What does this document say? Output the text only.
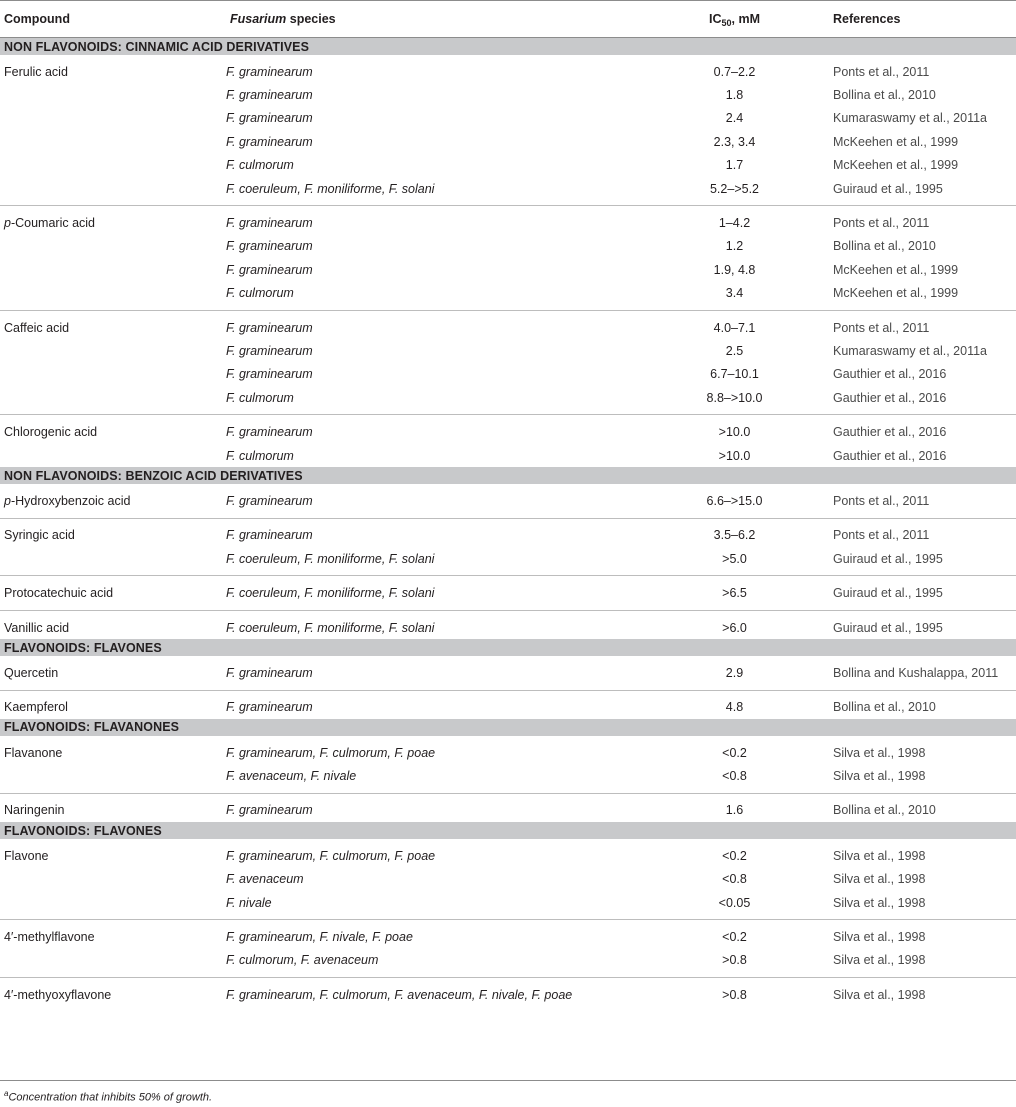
Compound	Fusarium species	$IC_{50}$, mM	References
NON FLAVONOIDS: CINNAMIC ACID DERIVATIVES			
Ferulic acid	F. graminearum	0.7–2.2	Ponts et al., 2011
	F. graminearum	1.8	Bollina et al., 2010
	F. graminearum	2.4	Kumaraswamy et al., 2011a
	F. graminearum	2.3, 3.4	McKeehen et al., 1999
	F. culmorum	1.7	McKeehen et al., 1999
	F. coeruleum, F. moniliforme, F. solani	5.2–>5.2	Guiraud et al., 1995
p-Coumaric acid	F. graminearum	1–4.2	Ponts et al., 2011
	F. graminearum	1.2	Bollina et al., 2010
	F. graminearum	1.9, 4.8	McKeehen et al., 1999
	F. culmorum	3.4	McKeehen et al., 1999
Caffeic acid	F. graminearum	4.0–7.1	Ponts et al., 2011
	F. graminearum	2.5	Kumaraswamy et al., 2011a
	F. graminearum	6.7–10.1	Gauthier et al., 2016
	F. culmorum	8.8–>10.0	Gauthier et al., 2016
Chlorogenic acid	F. graminearum	>10.0	Gauthier et al., 2016
	F. culmorum	>10.0	Gauthier et al., 2016
NON FLAVONOIDS: BENZOIC ACID DERIVATIVES			
p-Hydroxybenzoic acid	F. graminearum	6.6–>15.0	Ponts et al., 2011
Syringic acid	F. graminearum	3.5–6.2	Ponts et al., 2011
	F. coeruleum, F. moniliforme, F. solani	>5.0	Guiraud et al., 1995
Protocatechuic acid	F. coeruleum, F. moniliforme, F. solani	>6.5	Guiraud et al., 1995
Vanillic acid	F. coeruleum, F. moniliforme, F. solani	>6.0	Guiraud et al., 1995
FLAVONOIDS: FLAVONES			
Quercetin	F. graminearum	2.9	Bollina and Kushalappa, 2011
Kaempferol	F. graminearum	4.8	Bollina et al., 2010
FLAVONOIDS: FLAVANONES			
Flavanone	F. graminearum, F. culmorum, F. poae	<0.2	Silva et al., 1998
	F. avenaceum, F. nivale	<0.8	Silva et al., 1998
Naringenin	F. graminearum	1.6	Bollina et al., 2010
FLAVONOIDS: FLAVONES			
Flavone	F. graminearum, F. culmorum, F. poae	<0.2	Silva et al., 1998
	F. avenaceum	<0.8	Silva et al., 1998
	F. nivale	<0.05	Silva et al., 1998
4′-methylflavone	F. graminearum, F. nivale, F. poae	<0.2	Silva et al., 1998
	F. culmorum, F. avenaceum	>0.8	Silva et al., 1998
4′-methyoxyflavone	F. graminearum, F. culmorum, F. avenaceum, F. nivale, F. poae	>0.8	Silva et al., 1998
$^a$Concentration that inhibits 50% of growth.
